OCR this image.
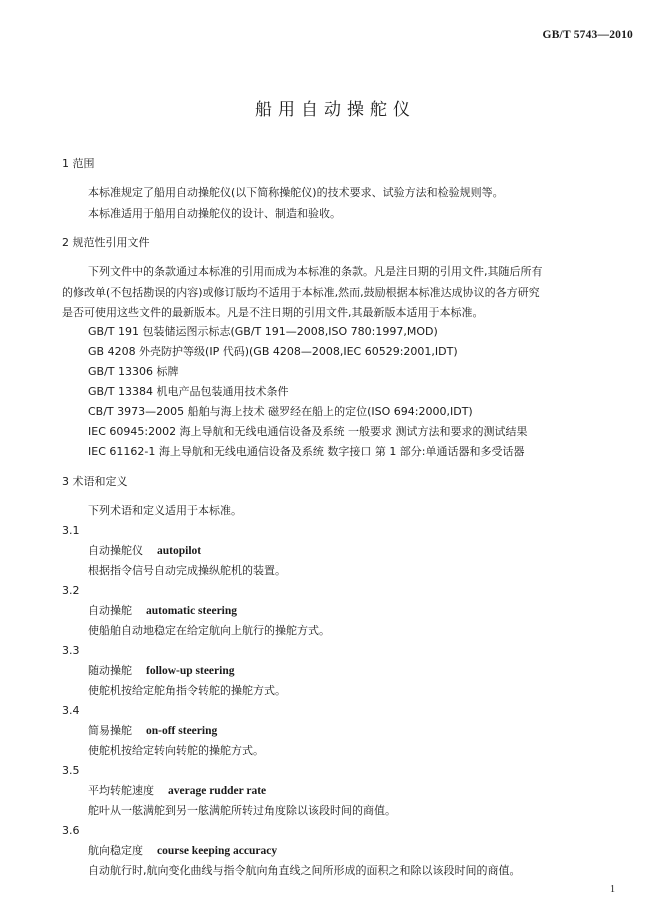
GB/T 5743—2010
船用自动操舵仪
1 范围
本标准规定了船用自动操舵仪(以下简称操舵仪)的技术要求、试验方法和检验规则等。
本标准适用于船用自动操舵仪的设计、制造和验收。
2 规范性引用文件
下列文件中的条款通过本标准的引用而成为本标准的条款。凡是注日期的引用文件,其随后所有
的修改单(不包括勘误的内容)或修订版均不适用于本标准,然而,鼓励根据本标准达成协议的各方研究
是否可使用这些文件的最新版本。凡是不注日期的引用文件,其最新版本适用于本标准。
GB/T 191 包装储运图示标志(GB/T 191—2008,ISO 780:1997,MOD)
GB 4208 外壳防护等级(IP 代码)(GB 4208—2008,IEC 60529:2001,IDT)
GB/T 13306 标牌
GB/T 13384 机电产品包装通用技术条件
CB/T 3973—2005 船舶与海上技术 磁罗经在船上的定位(ISO 694:2000,IDT)
IEC 60945:2002 海上导航和无线电通信设备及系统 一般要求 测试方法和要求的测试结果
IEC 61162-1 海上导航和无线电通信设备及系统 数字接口 第 1 部分:单通话器和多受话器
3 术语和定义
下列术语和定义适用于本标准。
3.1
自动操舵仪 autopilot
根据指令信号自动完成操纵舵机的装置。
3.2
自动操舵 automatic steering
使船舶自动地稳定在给定航向上航行的操舵方式。
3.3
随动操舵 follow-up steering
使舵机按给定舵角指令转舵的操舵方式。
3.4
简易操舵 on-off steering
使舵机按给定转向转舵的操舵方式。
3.5
平均转舵速度 average rudder rate
舵叶从一舷满舵到另一舷满舵所转过角度除以该段时间的商值。
3.6
航向稳定度 course keeping accuracy
自动航行时,航向变化曲线与指令航向角直线之间所形成的面积之和除以该段时间的商值。
1
